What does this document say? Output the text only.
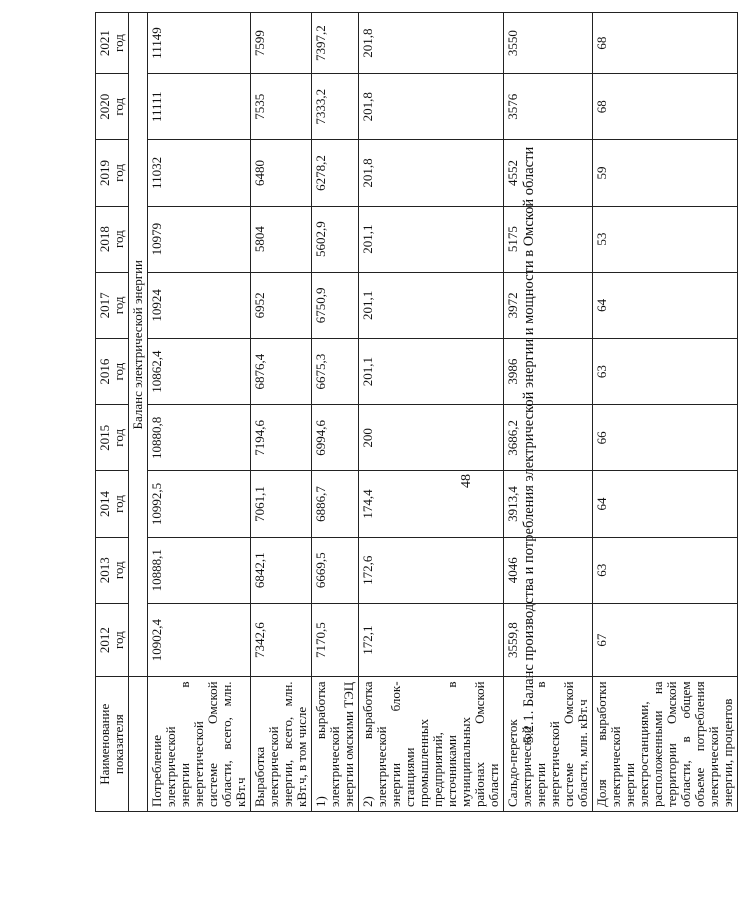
48	5.2.1. Баланс производства и потребления электрической энергии и мощности в Омской области
Наименование показателя	2012 год	2013 год	2014 год	2015 год	2016 год	2017 год	2018 год	2019 год	2020 год	2021 год

	Баланс электрической энергии									
Потребление электрической энергии в энергетической системе Омской области, всего, млн. кВт.ч	10902,4	10888,1	10992,5	10880,8	10862,4	10924	10979	11032	11111	11149
Выработка электрической энергии, всего, млн. кВт.ч, в том числе	7342,6	6842,1	7061,1	7194,6	6876,4	6952	5804	6480	7535	7599
1) выработка электрической энергии омскими ТЭЦ	7170,5	6669,5	6886,7	6994,6	6675,3	6750,9	5602,9	6278,2	7333,2	7397,2
2) выработка электрической энергии блок-станциями промышленных предприятий, источниками в муниципальных районах Омской области	172,1	172,6	174,4	200	201,1	201,1	201,1	201,8	201,8	201,8
Сальдо-переток электрической энергии в энергетической системе Омской области, млн. кВт.ч	3559,8	4046	3913,4	3686,2	3986	3972	5175	4552	3576	3550
Доля выработки электрической энергии электростанциями, расположенными на территории Омской области, в общем объеме потребления электрической энергии, процентов	67	63	64	66	63	64	53	59	68	68
